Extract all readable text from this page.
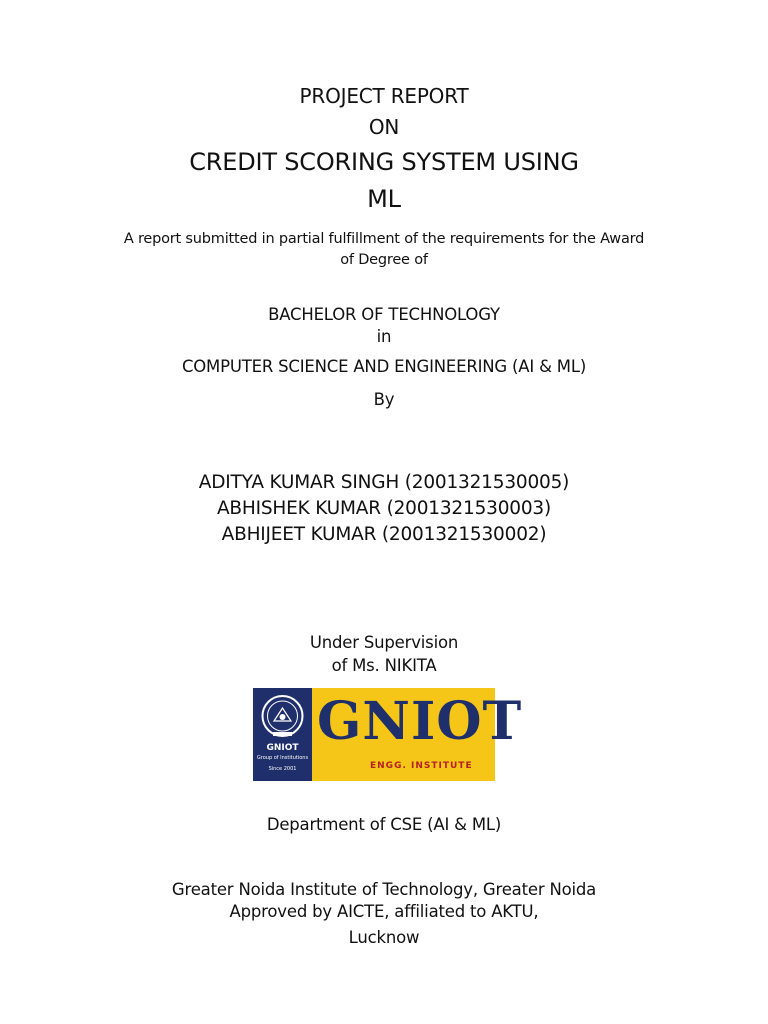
PROJECT REPORT
ON
CREDIT SCORING SYSTEM USING
ML
A report submitted in partial fulfillment of the requirements for the Award
of Degree of
BACHELOR OF TECHNOLOGY
in
COMPUTER SCIENCE AND ENGINEERING (AI & ML)
By
ADITYA KUMAR SINGH (2001321530005)
ABHISHEK KUMAR (2001321530003)
ABHIJEET KUMAR (2001321530002)
Under Supervision
of Ms. NIKITA
GNIOT
Group of Institutions
Since 2001
GNIOT
ENGG. INSTITUTE
Department of CSE (AI & ML)
Greater Noida Institute of Technology, Greater Noida
Approved by AICTE, affiliated to AKTU,
Lucknow
